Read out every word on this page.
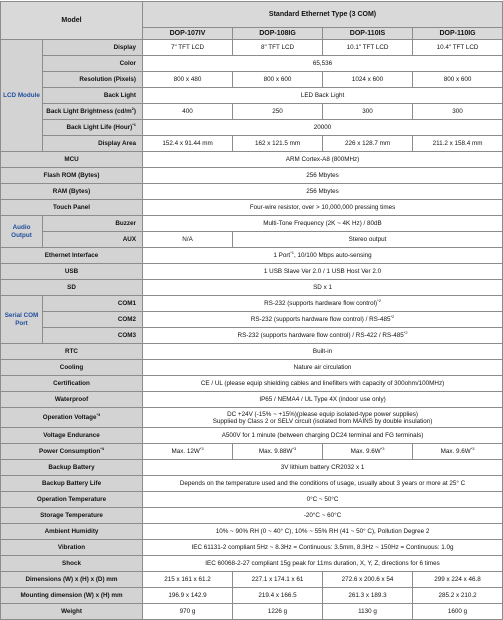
Model		Standard Ethernet Type (3 COM)			
		DOP-107IV	DOP-108IG	DOP-110IS	DOP-110IG
LCD Module	Display	7" TFT LCD	8" TFT LCD	10.1" TFT LCD	10.4" TFT LCD
	Color	65,536			
	Resolution (Pixels)	800 x 480	800 x 600	1024 x 600	800 x 600
	Back Light	LED Back Light			
	Back Light Brightness $(cd/m^2)$	400	250	300	300
	Back Light Life (Hour)$^{*1}$	20000			
	Display Area	152.4 x 91.44 mm	162 x 121.5 mm	226 x 128.7 mm	211.2 x 158.4 mm
MCU		ARM Cortex-A8 (800MHz)			
Flash ROM (Bytes)		256 Mbytes			
RAM (Bytes)		256 Mbytes			
Touch Panel		Four-wire resistor, over > 10,000,000 pressing times			
Audio Output	Buzzer	Multi-Tone Frequency (2K ~ 4K Hz) / 80dB			
	AUX	N/A	Stereo output		
Ethernet Interface		1 Port$^{*1}$, 10/100 Mbps auto-sensing			
USB		1 USB Slave Ver 2.0 / 1 USB Host Ver 2.0			
SD		SD x 1			
Serial COM Port	COM1	RS-232 (supports hardware flow control)$^{*2}$
	COM2	RS-232 (supports hardware flow control) / RS-485$^{*2}$
	COM3	RS-232 (supports hardware flow control) / RS-422 / RS-485$^{*2}$
RTC		Built-in			
Cooling		Nature air circulation			
Certification		CE / UL (please equip shielding cables and linefilters with capacity of 300ohm/100MHz)			
Waterproof		IP65 / NEMA4 / UL Type 4X (indoor use only)			
Operation Voltage$^{*3}$		DC +24V (-15% ~ +15%)(please equip isolated-type power supplies)
Supplied by Class 2 or SELV circuit (isolated from MAINS by double insulation)			

Voltage Endurance		A500V for 1 minute (between charging DC24 terminal and FG terminals)			
Power Consumption$^{*4}$		Max. $12W^{*3}$	Max. $9.88W^{*3}$	Max. $9.6W^{*3}$	Max. $9.6W^{*3}$
Backup Battery		3V lithium battery CR2032 x 1			
Backup Battery Life		Depends on the temperature used and the conditions of usage, usually about 3 years or more at 25° C			
Operation Temperature		0°C ~ 50°C			
Storage Temperature		-20°C ~ 60°C			
Ambient Humidity		10% ~ 90% RH (0 ~ 40° C), 10% ~ 55% RH (41 ~ 50° C), Pollution Degree 2			
Vibration		IEC 61131-2 compliant 5Hz ~ 8.3Hz = Continuous: 3.5mm, 8.3Hz ~ 150Hz = Continuous: 1.0g			
Shock		IEC 60068-2-27 compliant 15g peak for 11ms duration, X, Y, Z, directions for 6 times			
Dimensions (W) x (H) x (D) mm		215 x 161 x 61.2	227.1 x 174.1 x 61	272.6 x 200.6 x 54	299 x 224 x 46.8
Mounting dimension (W) x (H) mm		196.9 x 142.9	219.4 x 166.5	261.3 x 189.3	285.2 x 210.2
Weight		970 g	1226 g	1130 g	1600 g
